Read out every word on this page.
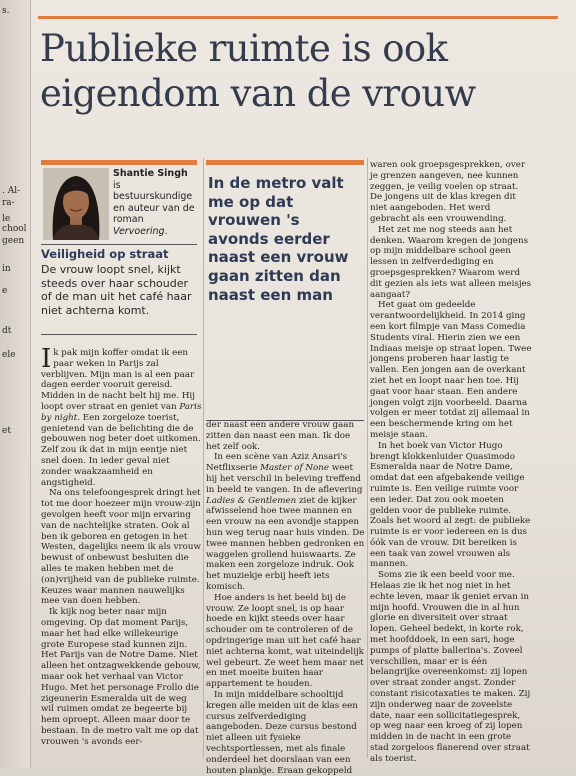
s.
. Al-
ra-
le
chool
geen
in
e
dt
ele
et
Publieke ruimte is ook
eigendom van de vrouw
Shantie Singh is bestuurskundige en auteur van de roman Vervoering.
Veiligheid op straat
De vrouw loopt snel, kijkt steeds over haar schouder of de man uit het café haar niet achterna komt.
In de metro valt me op dat vrouwen 's avonds eerder naast een vrouw gaan zitten dan naast een man

Ik pak mijn koffer omdat ik een paar weken in Parijs zal verblijven. Mijn man is al een paar dagen eerder vooruit gereisd. Midden in de nacht belt hij me. Hij loopt over straat en geniet van Paris by night. Een zorgeloze toerist, genietend van de belichting die de gebouwen nog beter doet uitkomen. Zelf zou ik dat in mijn eentje niet snel doen. In ieder geval niet zonder waakzaamheid en angstigheid.

Na ons telefoongesprek dringt het tot me door hoezeer mijn vrouw-zijn gevolgen heeft voor mijn ervaring van de nachtelijke straten. Ook al ben ik geboren en getogen in het Westen, dagelijks neem ik als vrouw bewust of onbewust besluiten die alles te maken hebben met de (on)vrijheid van de publieke ruimte. Keuzes waar mannen nauwelijks mee van doen hebben.

Ik kijk nog beter naar mijn omgeving. Op dat moment Parijs, maar het had elke willekeurige grote Europese stad kunnen zijn. Het Parijs van de Notre Dame. Niet alleen het ontzagwekkende gebouw, maar ook het verhaal van Victor Hugo. Met het personage Frollo die zigeunerin Esmeralda uit de weg wil ruimen omdat ze begeerte bij hem oproept. Alleen maar door te bestaan. In de metro valt me op dat vrouwen 's avonds eer-

der naast een andere vrouw gaan zitten dan naast een man. Ik doe het zelf ook.

In een scène van Aziz Ansari's Netflixserie Master of None weet hij het verschil in beleving treffend in beeld te vangen. In de aflevering Ladies & Gentlemen ziet de kijker afwisselend hoe twee mannen en een vrouw na een avondje stappen hun weg terug naar huis vinden. De twee mannen hebben gedronken en waggelen grollend huiswaarts. Ze maken een zorgeloze indruk. Ook het muziekje erbij heeft iets komisch.

Hoe anders is het beeld bij de vrouw. Ze loopt snel, is op haar hoede en kijkt steeds over haar schouder om te controleren of de opdringerige man uit het café haar niet achterna komt, wat uiteindelijk wel gebeurt. Ze weet hem maar net en met moeite buiten haar appartement te houden.

In mijn middelbare schooltijd kregen alle meiden uit de klas een cursus zelfverdediging aangeboden. Deze cursus bestond niet alleen uit fysieke vechtsportlessen, met als finale onderdeel het doorslaan van een houten plankje. Eraan gekoppeld

waren ook groepsgesprekken, over je grenzen aangeven, nee kunnen zeggen, je veilig voelen op straat. De jongens uit de klas kregen dit niet aangeboden. Het werd gebracht als een vrouwending.

Het zet me nog steeds aan het denken. Waarom kregen de jongens op mijn middelbare school geen lessen in zelfverdediging en groepsgesprekken? Waarom werd dit gezien als iets wat alleen meisjes aangaat?

Het gaat om gedeelde verantwoordelijkheid. In 2014 ging een kort filmpje van Mass Comedia Students viral. Hierin zien we een Indiaas meisje op straat lopen. Twee jongens proberen haar lastig te vallen. Een jongen aan de overkant ziet het en loopt naar hen toe. Hij gaat voor haar staan. Een andere jongen volgt zijn voorbeeld. Daarna volgen er meer totdat zij allemaal in een beschermende kring om het meisje staan.

In het boek van Victor Hugo brengt klokkenluider Quasimodo Esmeralda naar de Notre Dame, omdat dat een afgebakende veilige ruimte is. Een veilige ruimte voor een ieder. Dat zou ook moeten gelden voor de publieke ruimte. Zoals het woord al zegt: de publieke ruimte is er voor iedereen en is dus óók van de vrouw. Dit bereiken is een taak van zowel vrouwen als mannen.

Soms zie ik een beeld voor me. Helaas zie ik het nog niet in het echte leven, maar ik geniet ervan in mijn hoofd. Vrouwen die in al hun glorie en diversiteit over straat lopen. Geheel bedekt, in korte rok, met hoofddoek, in een sari, hoge pumps of platte ballerina's. Zoveel verschillen, maar er is één belangrijke overeenkomst: zij lopen over straat zonder angst. Zonder constant risicotaxaties te maken. Zij zijn onderweg naar de zoveelste date, naar een sollicitatiegesprek, op weg naar een kroeg of zij lopen midden in de nacht in een grote stad zorgeloos flanerend over straat als toerist.
